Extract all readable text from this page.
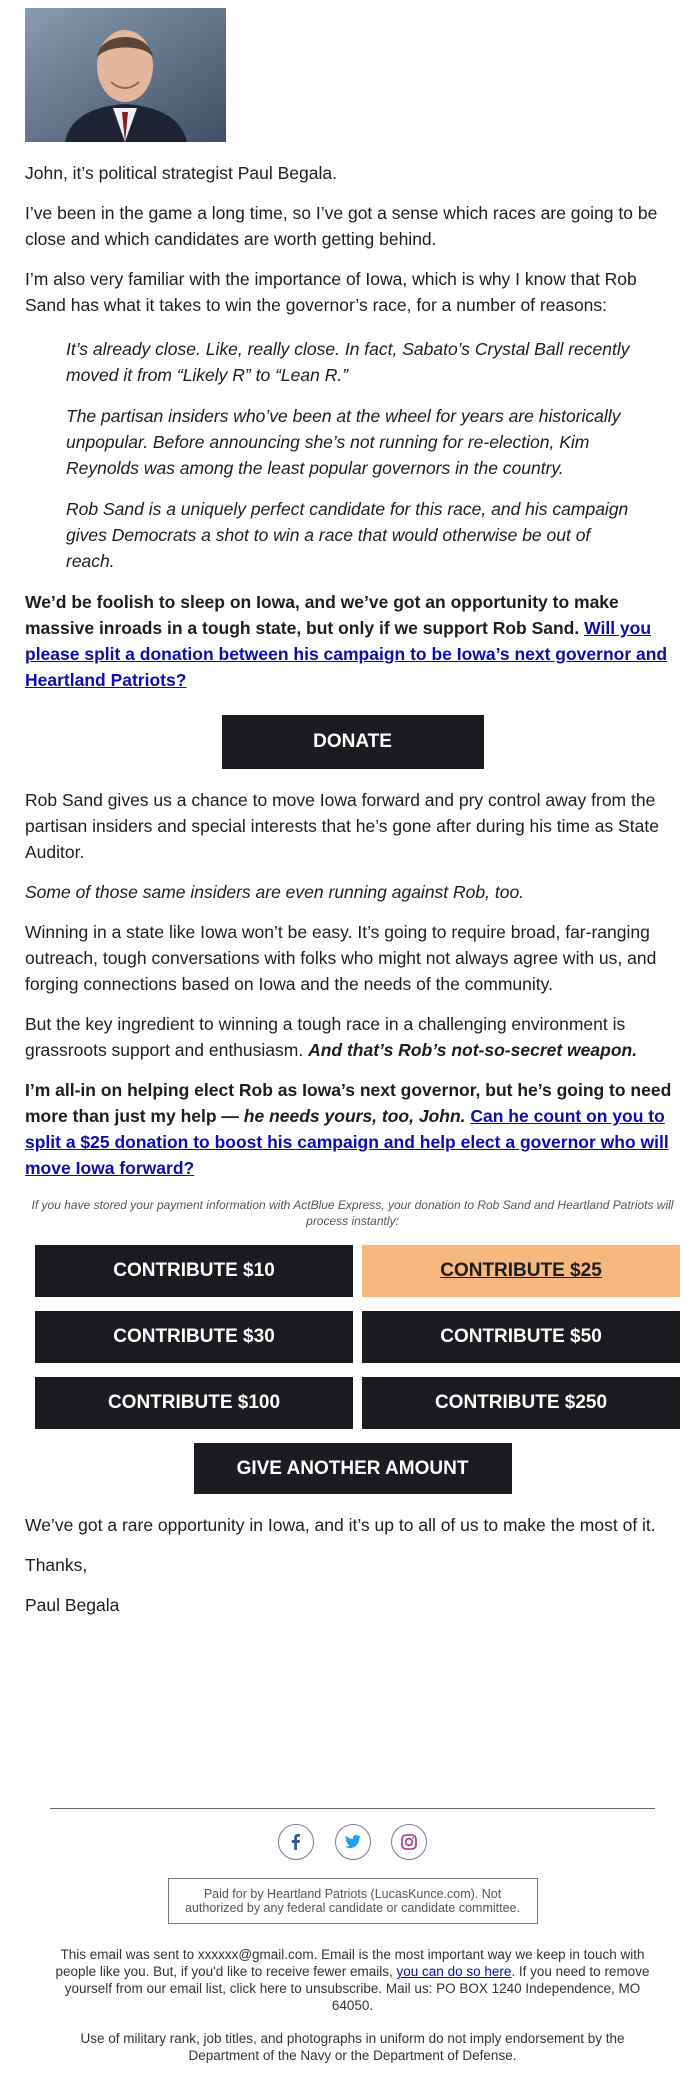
John, it’s political strategist Paul Begala.

I’ve been in the game a long time, so I’ve got a sense which races are going to be close and which candidates are worth getting behind.

I’m also very familiar with the importance of Iowa, which is why I know that Rob Sand has what it takes to win the governor’s race, for a number of reasons:

It’s already close. Like, really close. In fact, Sabato’s Crystal Ball recently moved it from “Likely R” to “Lean R.”

The partisan insiders who’ve been at the wheel for years are historically unpopular. Before announcing she’s not running for re-election, Kim Reynolds was among the least popular governors in the country.

Rob Sand is a uniquely perfect candidate for this race, and his campaign gives Democrats a shot to win a race that would otherwise be out of reach.

We’d be foolish to sleep on Iowa, and we’ve got an opportunity to make massive inroads in a tough state, but only if we support Rob Sand. Will you please split a donation between his campaign to be Iowa’s next governor and Heartland Patriots?

DONATE

Rob Sand gives us a chance to move Iowa forward and pry control away from the partisan insiders and special interests that he’s gone after during his time as State Auditor.

Some of those same insiders are even running against Rob, too.

Winning in a state like Iowa won’t be easy. It’s going to require broad, far-ranging outreach, tough conversations with folks who might not always agree with us, and forging connections based on Iowa and the needs of the community.

But the key ingredient to winning a tough race in a challenging environment is grassroots support and enthusiasm. And that’s Rob’s not-so-secret weapon.

I’m all-in on helping elect Rob as Iowa’s next governor, but he’s going to need more than just my help — he needs yours, too, John. Can he count on you to split a $25 donation to boost his campaign and help elect a governor who will move Iowa forward?

If you have stored your payment information with ActBlue Express, your donation to Rob Sand and Heartland Patriots will process instantly:
CONTRIBUTE $10	CONTRIBUTE $25
CONTRIBUTE $30	CONTRIBUTE $50
CONTRIBUTE $100	CONTRIBUTE $250
GIVE ANOTHER AMOUNT

We’ve got a rare opportunity in Iowa, and it’s up to all of us to make the most of it.

Thanks,

Paul Begala

Paid for by Heartland Patriots (LucasKunce.com). Not authorized by any federal candidate or candidate committee.
This email was sent to xxxxxx@gmail.com. Email is the most important way we keep in touch with people like you. But, if you'd like to receive fewer emails, you can do so here. If you need to remove yourself from our email list, click here to unsubscribe. Mail us: PO BOX 1240 Independence, MO 64050.
Use of military rank, job titles, and photographs in uniform do not imply endorsement by the Department of the Navy or the Department of Defense.
